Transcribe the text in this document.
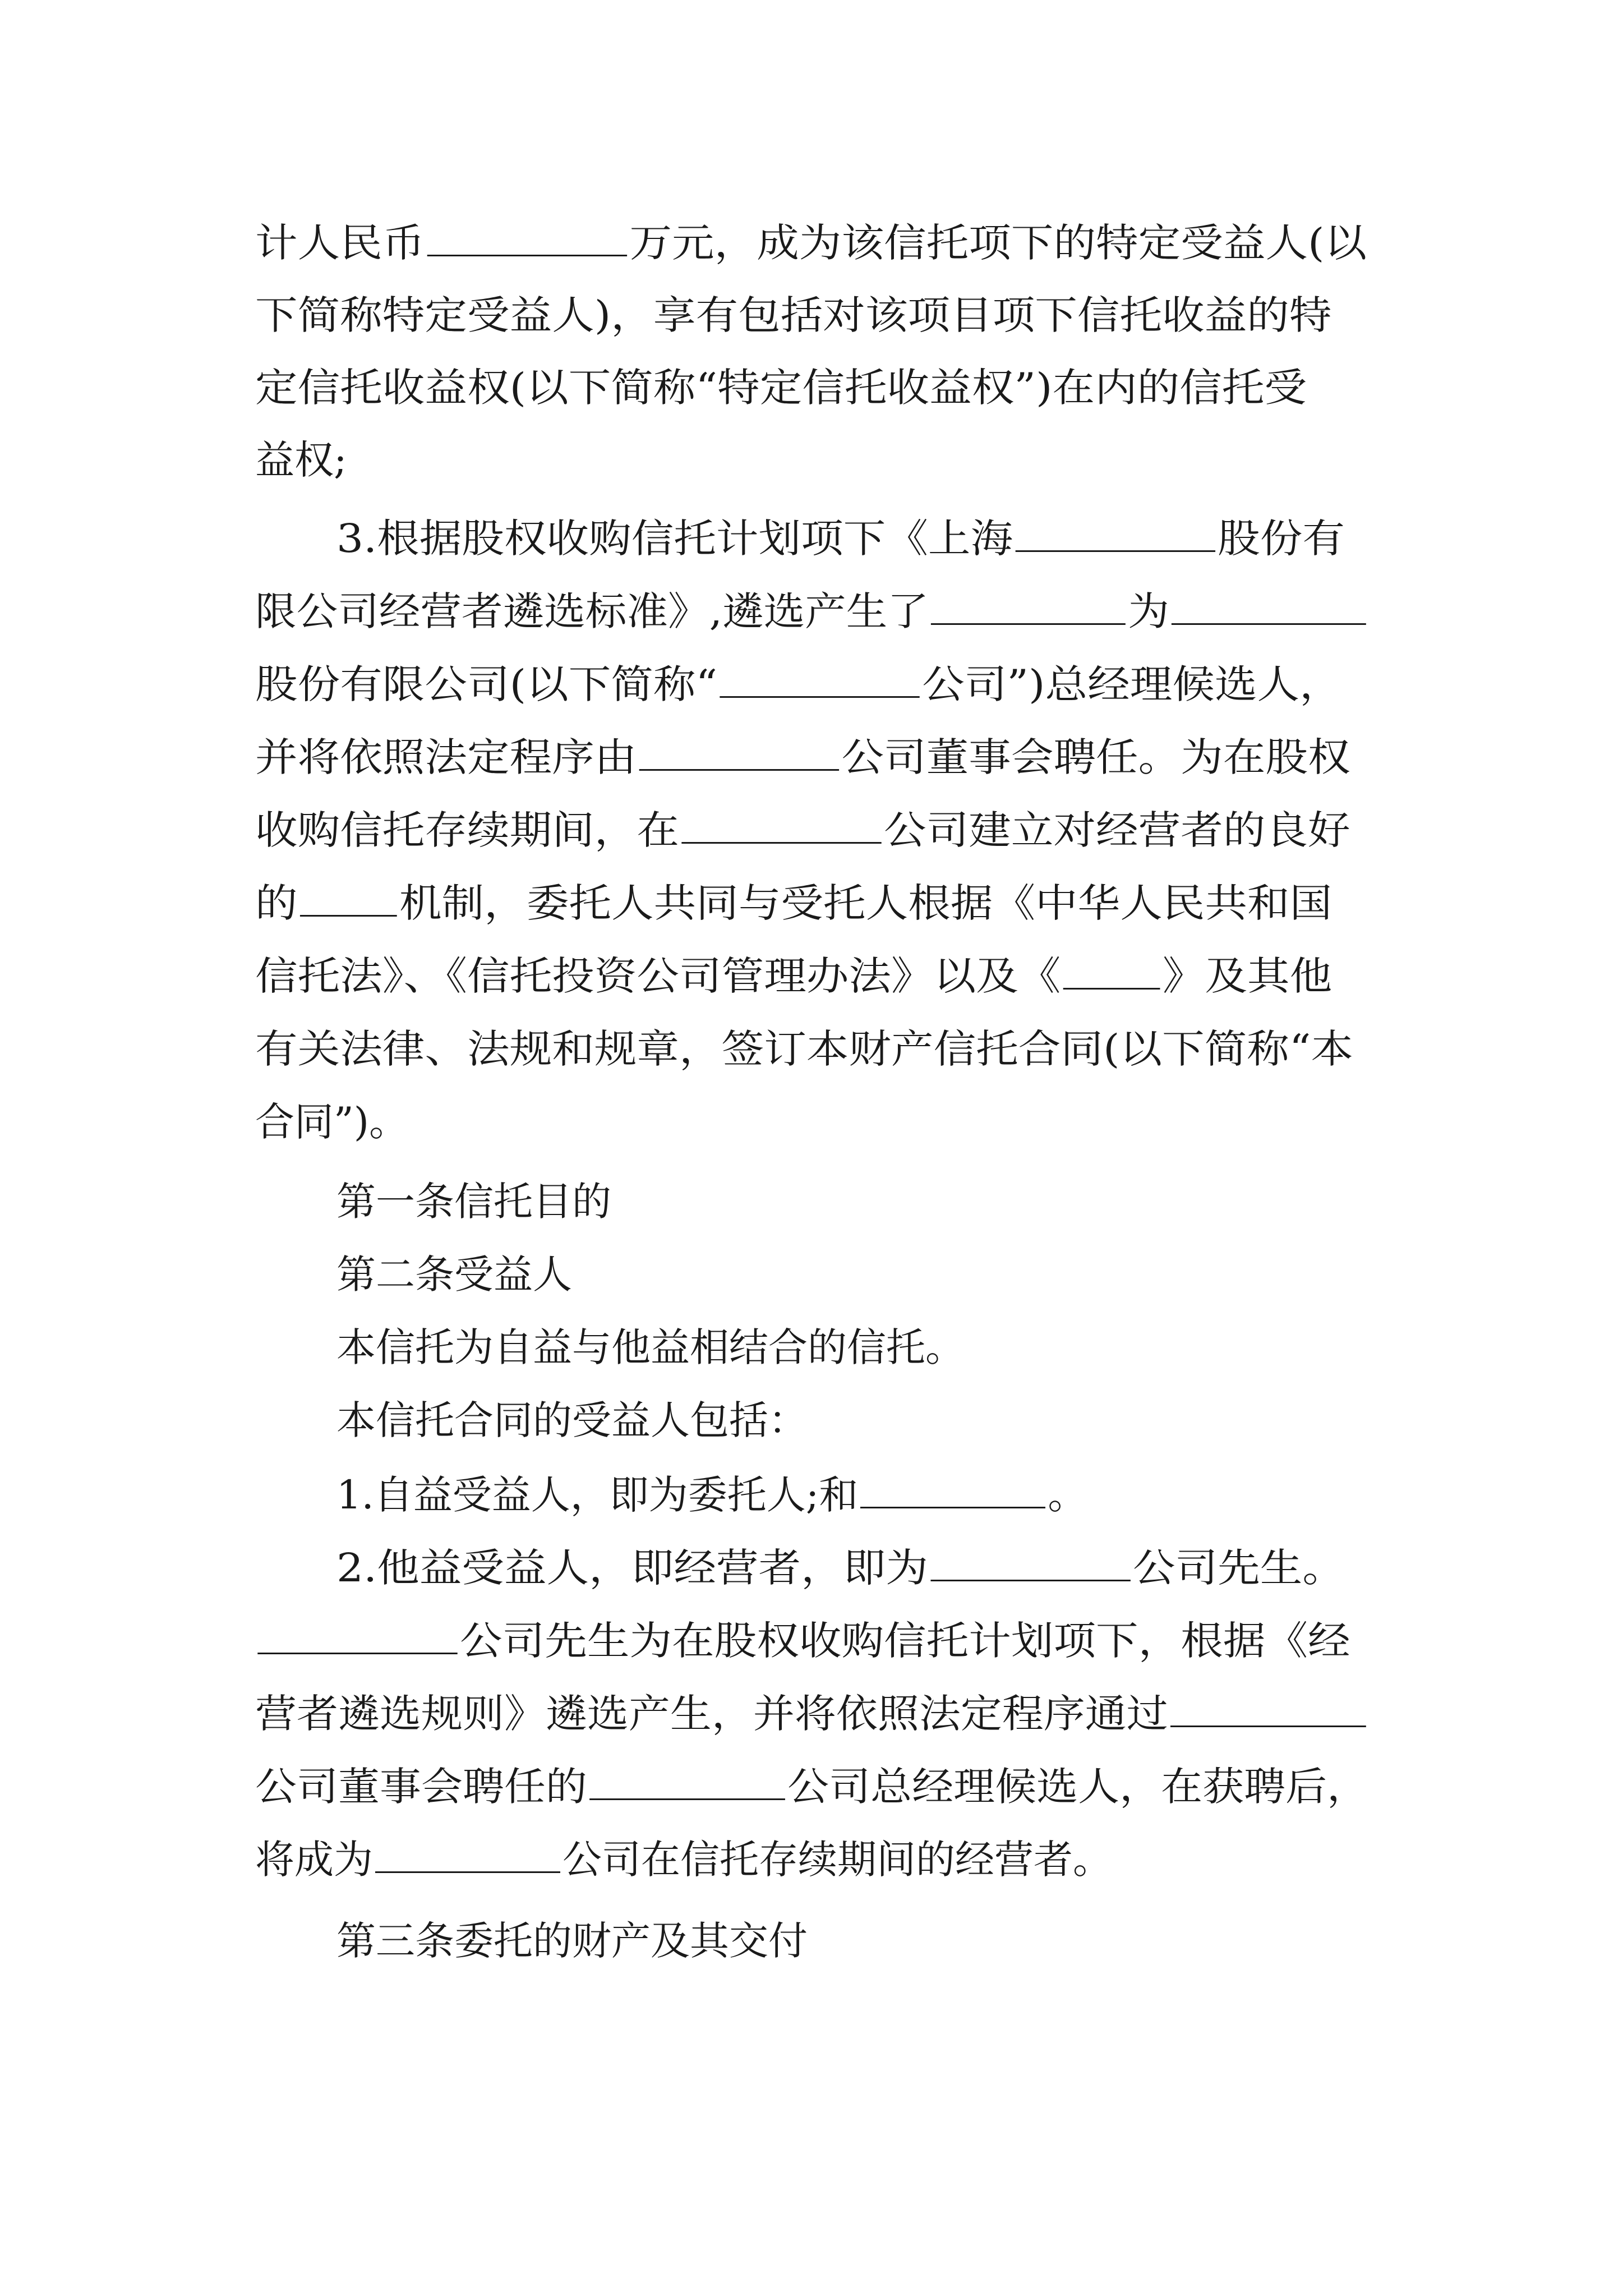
计人民币	万元，成为该信托项下的特定受益人(以
下简称特定受益人)，享有包括对该项目项下信托收益的特
定信托收益权(以下简称“特定信托收益权”)在内的信托受
益权;
3.根据股权收购信托计划项下《上海	股份有
限公司经营者遴选标准》,遴选产生了	为
股份有限公司(以下简称“	公司”)总经理候选人，
并将依照法定程序由	公司董事会聘任。为在股权
收购信托存续期间，在	公司建立对经营者的良好
的	机制，委托人共同与受托人根据《中华人民共和国
信托法》、《信托投资公司管理办法》以及《	》及其他
有关法律、法规和规章，签订本财产信托合同(以下简称“本
合同”)。
第一条信托目的
第二条受益人
本信托为自益与他益相结合的信托。
本信托合同的受益人包括：
1.自益受益人，即为委托人;和	。
2.他益受益人，即经营者，即为	公司先生。
公司先生为在股权收购信托计划项下，根据《经
营者遴选规则》遴选产生，并将依照法定程序通过
公司董事会聘任的	公司总经理候选人，在获聘后，
将成为	公司在信托存续期间的经营者。
第三条委托的财产及其交付
